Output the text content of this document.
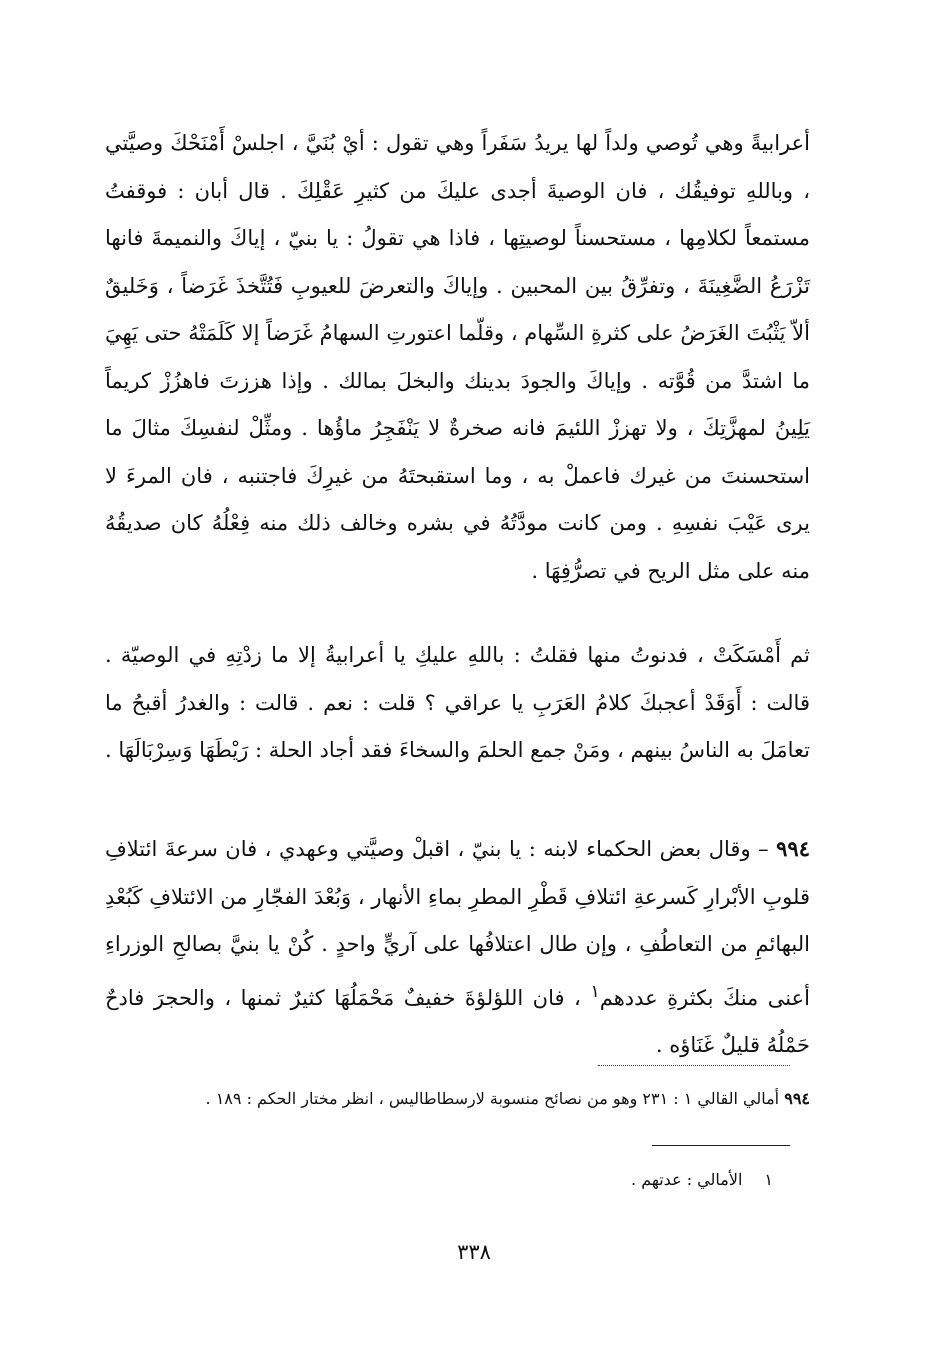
أعرابيةً وهي تُوصي ولداً لها يريدُ سَفَراً وهي تقول : أيْ بُنَيَّ ، اجلسْ أَمْنَحْكَ وصيَّتي ، وباللهِ توفيقُك ، فان الوصيةَ أجدى عليكَ من كثيرِ عَقْلِكَ . قال أبان : فوقفتُ مستمعاً لكلامِها ، مستحسناً لوصيتِها ، فاذا هي تقولُ : يا بنيّ ، إياكَ والنميمةَ فانها تَزْرَعُ الضَّغِينَةَ ، وتفرِّقُ بين المحبين . وإياكَ والتعرضَ للعيوبِ فَتُتَّخذَ غَرَضاً ، وَخَليقٌ ألاّ يَثْبُتَ الغَرَضُ على كثرةِ السِّهام ، وقلّما اعتورتِ السهامُ غَرَضاً إلا كَلَمَتْهُ حتى يَهِيَ ما اشتدَّ من قُوَّته . وإياكَ والجودَ بدينك والبخلَ بمالك . وإذا هززتَ فاهزُزْ كريماً يَلِينُ لمهزَّتِكَ ، ولا تهززْ اللئيمَ فانه صخرةٌ لا يَنْفَجِرُ ماؤُها . ومثِّلْ لنفسِكَ مثالَ ما استحسنتَ من غيرك فاعملْ به ، وما استقبحتَهُ من غيرِكَ فاجتنبه ، فان المرءَ لا يرى عَيْبَ نفسِهِ . ومن كانت مودَّتُهُ في بشره وخالف ذلك منه فِعْلُهُ كان صديقُهُ منه على مثل الريح في تصرُّفِهَا .

ثم أَمْسَكَتْ ، فدنوتُ منها فقلتُ : باللهِ عليكِ يا أعرابيةُ إلا ما زدْتِهِ في الوصيّة . قالت : أَوَقَدْ أعجبكَ كلامُ العَرَبِ يا عراقي ؟ قلت : نعم . قالت : والغدرُ أقبحُ ما تعامَلَ به الناسُ بينهم ، ومَنْ جمع الحلمَ والسخاءَ فقد أجاد الحلة : رَيْطَهَا وَسِرْبَالَهَا .

٩٩٤ – وقال بعض الحكماء لابنه : يا بنيّ ، اقبلْ وصيَّتي وعهدي ، فان سرعةَ ائتلافِ قلوبِ الأبْرارِ كَسرعةِ ائتلافِ قَطْرِ المطرِ بماءِ الأنهار ، وَبُعْدَ الفجّارِ من الائتلافِ كَبُعْدِ البهائمِ من التعاطُفِ ، وإن طال اعتلافُها على آريٍّ واحدٍ . كُنْ يا بنيَّ بصالحِ الوزراءِ أعنى منكَ بكثرةِ عددهم$^١$ ، فان اللؤلؤةَ خفيفٌ مَحْمَلُهَا كثيرٌ ثمنها ، والحجرَ فادحٌ حَمْلُهُ قليلٌ غَنَاؤه .

٩٩٤ أمالي القالي ١ : ٢٣١ وهو من نصائح منسوبة لارسطاطاليس ، انظر مختار الحكم : ١٨٩ .

١الأمالي : عدتهم .

٣٣٨
